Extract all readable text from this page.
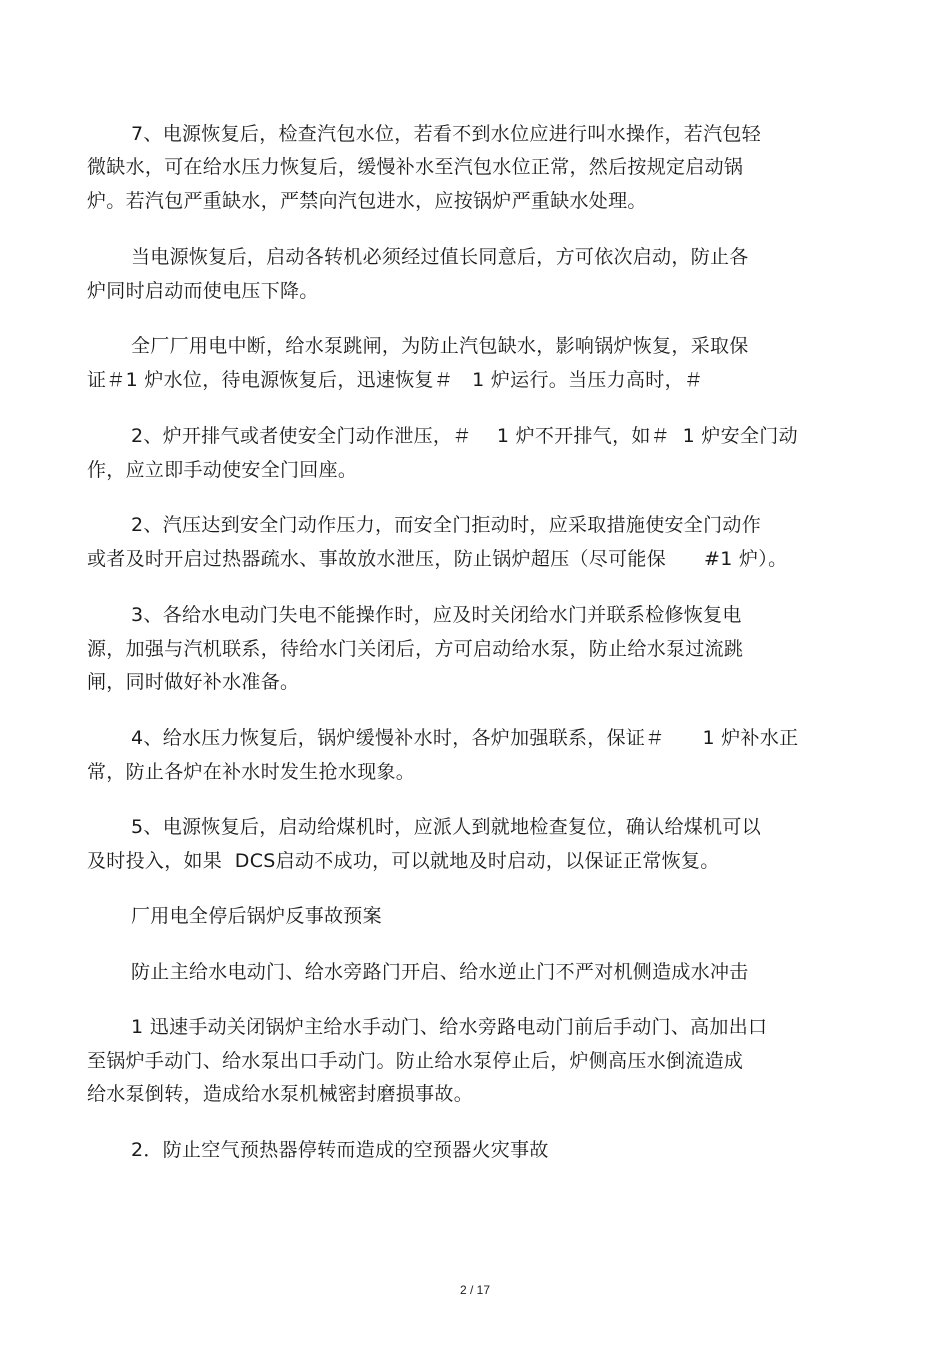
7、电源恢复后，检查汽包水位，若看不到水位应进行叫水操作，若汽包轻
微缺水，可在给水压力恢复后，缓慢补水至汽包水位正常，然后按规定启动锅
炉。若汽包严重缺水，严禁向汽包进水，应按锅炉严重缺水处理。
当电源恢复后，启动各转机必须经过值长同意后，方可依次启动，防止各
炉同时启动而使电压下降。
全厂厂用电中断，给水泵跳闸，为防止汽包缺水，影响锅炉恢复，采取保
证＃1 炉水位，待电源恢复后，迅速恢复＃   1 炉运行。当压力高时，＃
2、炉开排气或者使安全门动作泄压，＃    1 炉不开排气，如＃  1 炉安全门动
作，应立即手动使安全门回座。
2、汽压达到安全门动作压力，而安全门拒动时，应采取措施使安全门动作
或者及时开启过热器疏水、事故放水泄压，防止锅炉超压（尽可能保      #1 炉）。
3、各给水电动门失电不能操作时，应及时关闭给水门并联系检修恢复电
源，加强与汽机联系，待给水门关闭后，方可启动给水泵，防止给水泵过流跳
闸，同时做好补水准备。
4、给水压力恢复后，锅炉缓慢补水时，各炉加强联系，保证＃      1 炉补水正
常，防止各炉在补水时发生抢水现象。
5、电源恢复后，启动给煤机时，应派人到就地检查复位，确认给煤机可以
及时投入，如果  DCS启动不成功，可以就地及时启动，以保证正常恢复。
厂用电全停后锅炉反事故预案
防止主给水电动门、给水旁路门开启、给水逆止门不严对机侧造成水冲击
1 迅速手动关闭锅炉主给水手动门、给水旁路电动门前后手动门、高加出口
至锅炉手动门、给水泵出口手动门。防止给水泵停止后，炉侧高压水倒流造成
给水泵倒转，造成给水泵机械密封磨损事故。
2．防止空气预热器停转而造成的空预器火灾事故
2 / 17
